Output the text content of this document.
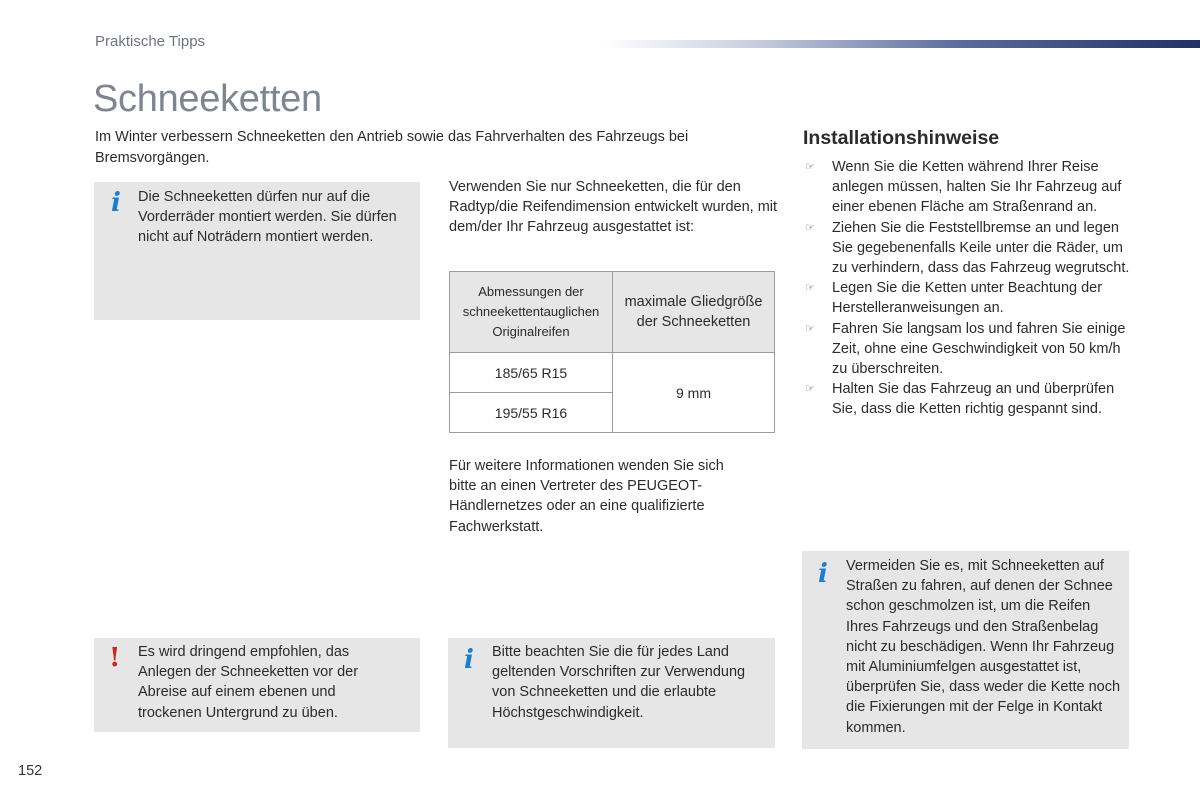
Praktische Tipps
Schneeketten
Im Winter verbessern Schneeketten den Antrieb sowie das Fahrverhalten des Fahrzeugs bei Bremsvorgängen.
i Die Schneeketten dürfen nur auf die Vorderräder montiert werden. Sie dürfen nicht auf Noträdern montiert werden.
! Es wird dringend empfohlen, das Anlegen der Schneeketten vor der Abreise auf einem ebenen und trockenen Untergrund zu üben.
Verwenden Sie nur Schneeketten, die für den Radtyp/die Reifendimension entwickelt wurden, mit dem/der Ihr Fahrzeug ausgestattet ist:
Abmessungen der schneekettentauglichen Originalreifen	maximale Gliedgröße der Schneeketten

185/65 R15	9 mm
195/55 R16	
Für weitere Informationen wenden Sie sich bitte an einen Vertreter des PEUGEOT-Händlernetzes oder an eine qualifizierte Fachwerkstatt.
i Bitte beachten Sie die für jedes Land geltenden Vorschriften zur Verwendung von Schneeketten und die erlaubte Höchstgeschwindigkeit.
Installationshinweise
☞ Wenn Sie die Ketten während Ihrer Reise anlegen müssen, halten Sie Ihr Fahrzeug auf einer ebenen Fläche am Straßenrand an.
☞ Ziehen Sie die Feststellbremse an und legen Sie gegebenenfalls Keile unter die Räder, um zu verhindern, dass das Fahrzeug wegrutscht.
☞ Legen Sie die Ketten unter Beachtung der Herstelleranweisungen an.
☞ Fahren Sie langsam los und fahren Sie einige Zeit, ohne eine Geschwindigkeit von 50 km/h zu überschreiten.
☞ Halten Sie das Fahrzeug an und überprüfen Sie, dass die Ketten richtig gespannt sind.
i Vermeiden Sie es, mit Schneeketten auf Straßen zu fahren, auf denen der Schnee schon geschmolzen ist, um die Reifen Ihres Fahrzeugs und den Straßenbelag nicht zu beschädigen. Wenn Ihr Fahrzeug mit Aluminiumfelgen ausgestattet ist, überprüfen Sie, dass weder die Kette noch die Fixierungen mit der Felge in Kontakt kommen.
152
